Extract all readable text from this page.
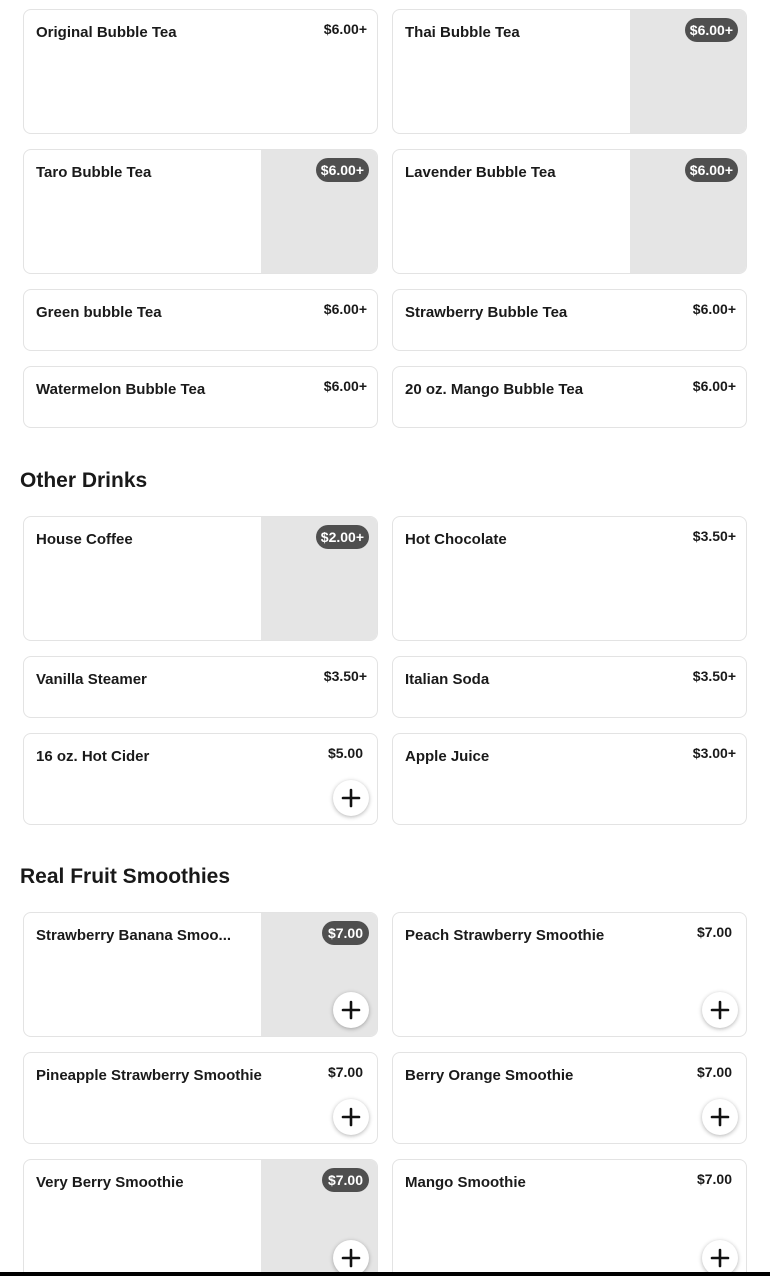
Original Bubble Tea	$6.00+	Thai Bubble Tea	$6.00+
Taro Bubble Tea	$6.00+	Lavender Bubble Tea	$6.00+
Green bubble Tea	$6.00+	Strawberry Bubble Tea	$6.00+
Watermelon Bubble Tea	$6.00+	20 oz. Mango Bubble Tea	$6.00+
Other Drinks
House Coffee	$2.00+	Hot Chocolate	$3.50+
Vanilla Steamer	$3.50+	Italian Soda	$3.50+
16 oz. Hot Cider	$5.00	Apple Juice	$3.00+
Real Fruit Smoothies
Strawberry Banana Smoo...	$7.00	Peach Strawberry Smoothie	$7.00
Pineapple Strawberry Smoothie	$7.00	Berry Orange Smoothie	$7.00
Very Berry Smoothie	$7.00	Mango Smoothie	$7.00
